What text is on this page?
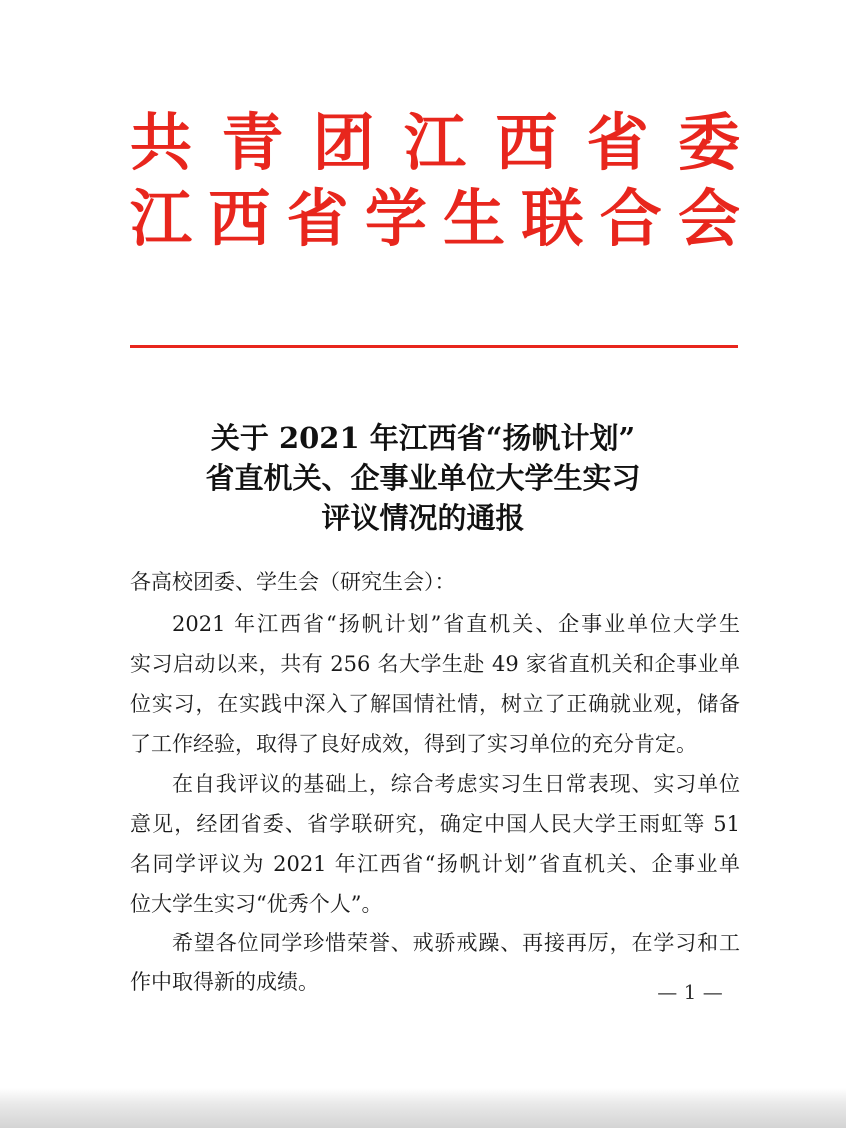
共 青 团 江 西 省 委
江 西 省 学 生 联 合 会
关于 2021 年江西省“扬帆计划”
省直机关、企事业单位大学生实习
评议情况的通报
各高校团委、学生会（研究生会）：
2021 年江西省“扬帆计划”省直机关、企事业单位大学生
实习启动以来，共有 256 名大学生赴 49 家省直机关和企事业单
位实习，在实践中深入了解国情社情，树立了正确就业观，储备
了工作经验，取得了良好成效，得到了实习单位的充分肯定。
在自我评议的基础上，综合考虑实习生日常表现、实习单位
意见，经团省委、省学联研究，确定中国人民大学王雨虹等 51
名同学评议为 2021 年江西省“扬帆计划”省直机关、企事业单
位大学生实习“优秀个人”。
希望各位同学珍惜荣誉、戒骄戒躁、再接再厉，在学习和工
作中取得新的成绩。	— 1 —
